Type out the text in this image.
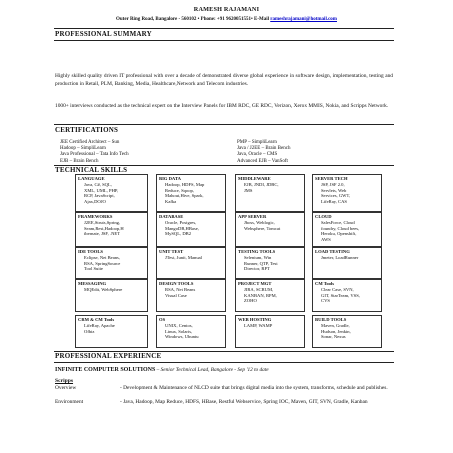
RAMESH RAJAMANI
Outer Ring Road, Bangalore - 560102 • Phone: +91 9620051551• E-Mail rameshrajamani@hotmail.com
PROFESSIONAL SUMMARY
Highly skilled quality driven IT professional with over a decade of demonstrated diverse global experience in software design, implementation, testing and production in Retail, PLM, Banking, Media, Healthcare,Network and Telecom industries.
1000+ interviews conducted as the technical expert on the Interview Panels for IBM RDC, GE RDC, Verizon, Xerox MMIS, Nokia, and Scripps Network.
CERTIFICATIONS
JEE Certified Architect – Sun
Hadoop – SimpliLearn
Java Professional – Tata Info Tech
EJB – Brain Bench
PMP – SimpliLearn
Java / J2EE – Brain Bench
Java, Oracle – CMS
Advanced EJB – VanSoft
TECHNICAL SKILLS
LANGUAGE
Java, C#, SQL,
XML, UML, PHP,
RCP, JavaScript,
Ajax,DOJO
BIG DATA
Hadoop, HDFS, Map
Reduce, Sqoop,
Mahout,Hive, Spark,
Kafka
MIDDLEWARE
EJB, JNDI, JDBC,
JMS
SERVER TECH
JSP, JSF 2.0,
Servlets, Web
Services, GWT,
LifeRay, CAS
FRAMEWORKS
J2EE,Struts,Spring,
Seam,Rest,Hadoop,H
ibernate, JSF, .NET
DATABASE
Oracle, Postgres,
MangoDB,HBase,
MySQL, DB2
APP SERVER
Jboss, Weblogic,
Websphere, Tomcat
CLOUD
SalesForce, Cloud
foundry, Cloud bees,
Heroku, Openshift,
AWS
IDE TOOLS
Eclipse, Net Beans,
RSA, SpringSource
Tool Suite
UNIT TEST
JTest, Junit, Manual
TESTING TOOLS
Selenium, Win
Runner, QTP, Test
Director, RPT
LOAD TESTING
Jmeter, LoadRunner
MESSAGING
MQEdit, WebSphere
DESIGN TOOLS
RSA, Net Beans
Visual Case
PROJECT MGT
JIRA, SCRUM,
KANBAN, RPM,
ZOHO
CM Tools
Clear Case, SVN,
GIT, StarTeam, VSS,
CVS
CRM & CM Tools
LifeRay, Apache
Ofbiz
OS
UNIX, Centos,
Linux, Solaris,
Windows, Ubuntu
WEB HOSTING
LAMP, WAMP
BUILD TOOLS
Maven, Gradle,
Hudson, Jenkin,
Sonar, Nexus
PROFESSIONAL EXPERIENCE
INFINITE COMPUTER SOLUTIONS – Senior Technical Lead, Bangalore - Sep '12 to date
Scripps
Overview	- Development & Maintenance of NLCD suite that brings digital media into the system, transforms, schedule and publishes.
Environment	- Java, Hadoop, Map Reduce, HDFS, HBase, Restful Webservice, Spring IOC, Maven, GIT, SVN, Gradle, Kanban
